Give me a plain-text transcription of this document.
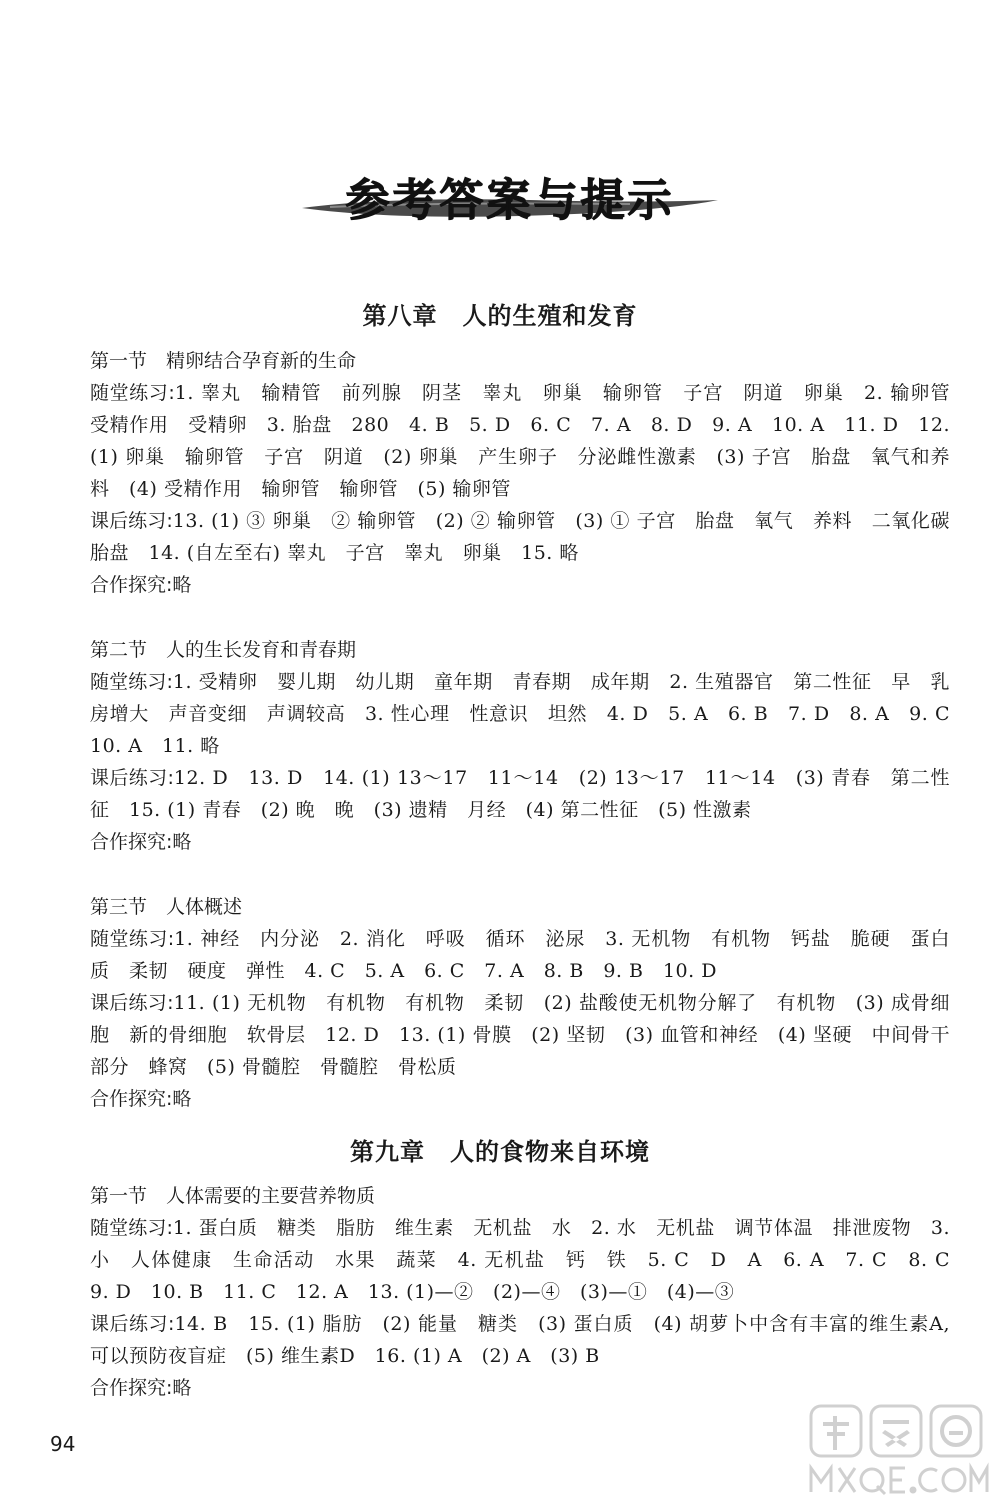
参考答案与提示
第八章　人的生殖和发育
第一节　精卵结合孕育新的生命
随堂练习:1. 睾丸　输精管　前列腺　阴茎　睾丸　卵巢　输卵管　子宫　阴道　卵巢　2. 输卵管　受精作用　受精卵　3. 胎盘　280　4. B　5. D　6. C　7. A　8. D　9. A　10. A　11. D　12. (1) 卵巢　输卵管　子宫　阴道　(2) 卵巢　产生卵子　分泌雌性激素　(3) 子宫　胎盘　氧气和养料　(4) 受精作用　输卵管　输卵管　(5) 输卵管
课后练习:13. (1) ③ 卵巢　② 输卵管　(2) ② 输卵管　(3) ① 子宫　胎盘　氧气　养料　二氧化碳　胎盘　14. (自左至右) 睾丸　子宫　睾丸　卵巢　15. 略
合作探究:略
第二节　人的生长发育和青春期
随堂练习:1. 受精卵　婴儿期　幼儿期　童年期　青春期　成年期　2. 生殖器官　第二性征　早　乳房增大　声音变细　声调较高　3. 性心理　性意识　坦然　4. D　5. A　6. B　7. D　8. A　9. C　10. A　11. 略
课后练习:12. D　13. D　14. (1) 13～17　11～14　(2) 13～17　11～14　(3) 青春　第二性征　15. (1) 青春　(2) 晚　晚　(3) 遗精　月经　(4) 第二性征　(5) 性激素
合作探究:略
第三节　人体概述
随堂练习:1. 神经　内分泌　2. 消化　呼吸　循环　泌尿　3. 无机物　有机物　钙盐　脆硬　蛋白质　柔韧　硬度　弹性　4. C　5. A　6. C　7. A　8. B　9. B　10. D
课后练习:11. (1) 无机物　有机物　有机物　柔韧　(2) 盐酸使无机物分解了　有机物　(3) 成骨细胞　新的骨细胞　软骨层　12. D　13. (1) 骨膜　(2) 坚韧　(3) 血管和神经　(4) 坚硬　中间骨干部分　蜂窝　(5) 骨髓腔　骨髓腔　骨松质
合作探究:略
第九章　人的食物来自环境
第一节　人体需要的主要营养物质
随堂练习:1. 蛋白质　糖类　脂肪　维生素　无机盐　水　2. 水　无机盐　调节体温　排泄废物　3. 小　人体健康　生命活动　水果　蔬菜　4. 无机盐　钙　铁　5. C　D　A　6. A　7. C　8. C　9. D　10. B　11. C　12. A　13. (1)—②　(2)—④　(3)—①　(4)—③
课后练习:14. B　15. (1) 脂肪　(2) 能量　糖类　(3) 蛋白质　(4) 胡萝卜中含有丰富的维生素A,可以预防夜盲症　(5) 维生素D　16. (1) A　(2) A　(3) B
合作探究:略
94
